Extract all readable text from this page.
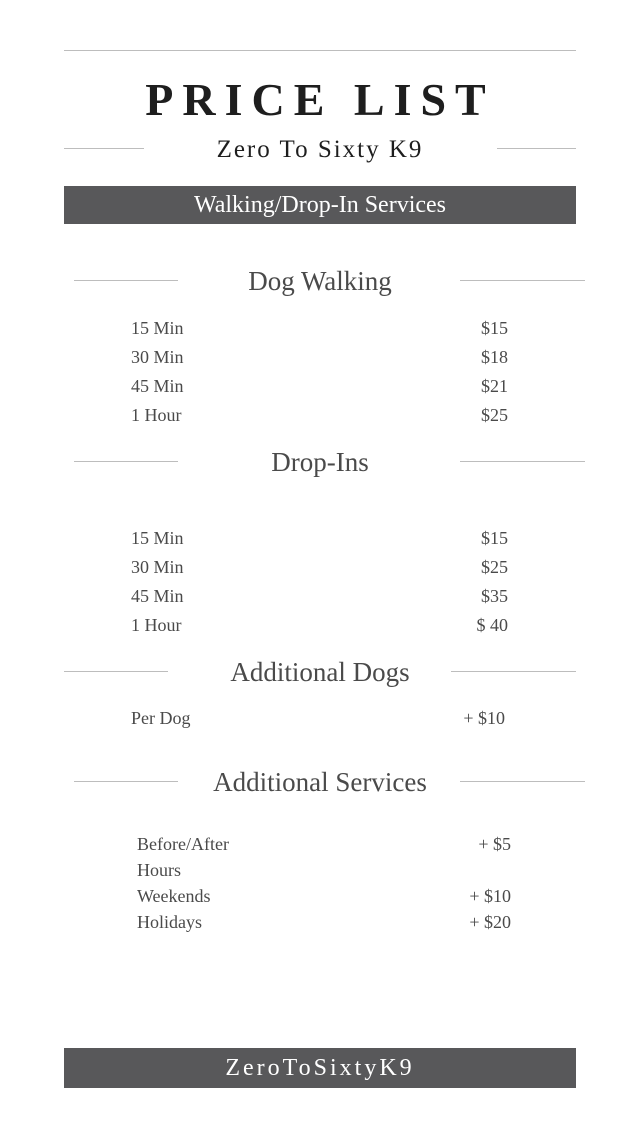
PRICE LIST
Zero To Sixty K9
Walking/Drop-In Services
Dog Walking
15 Min	$15
30 Min	$18
45 Min	$21
1 Hour	$25
Drop-Ins
15 Min	$15
30 Min	$25
45 Min	$35
1 Hour	$ 40
Additional Dogs
Per Dog	+ $10
Additional Services
Before/After	+ $5
Hours
Weekends	+ $10
Holidays	+ $20
ZeroToSixtyK9
